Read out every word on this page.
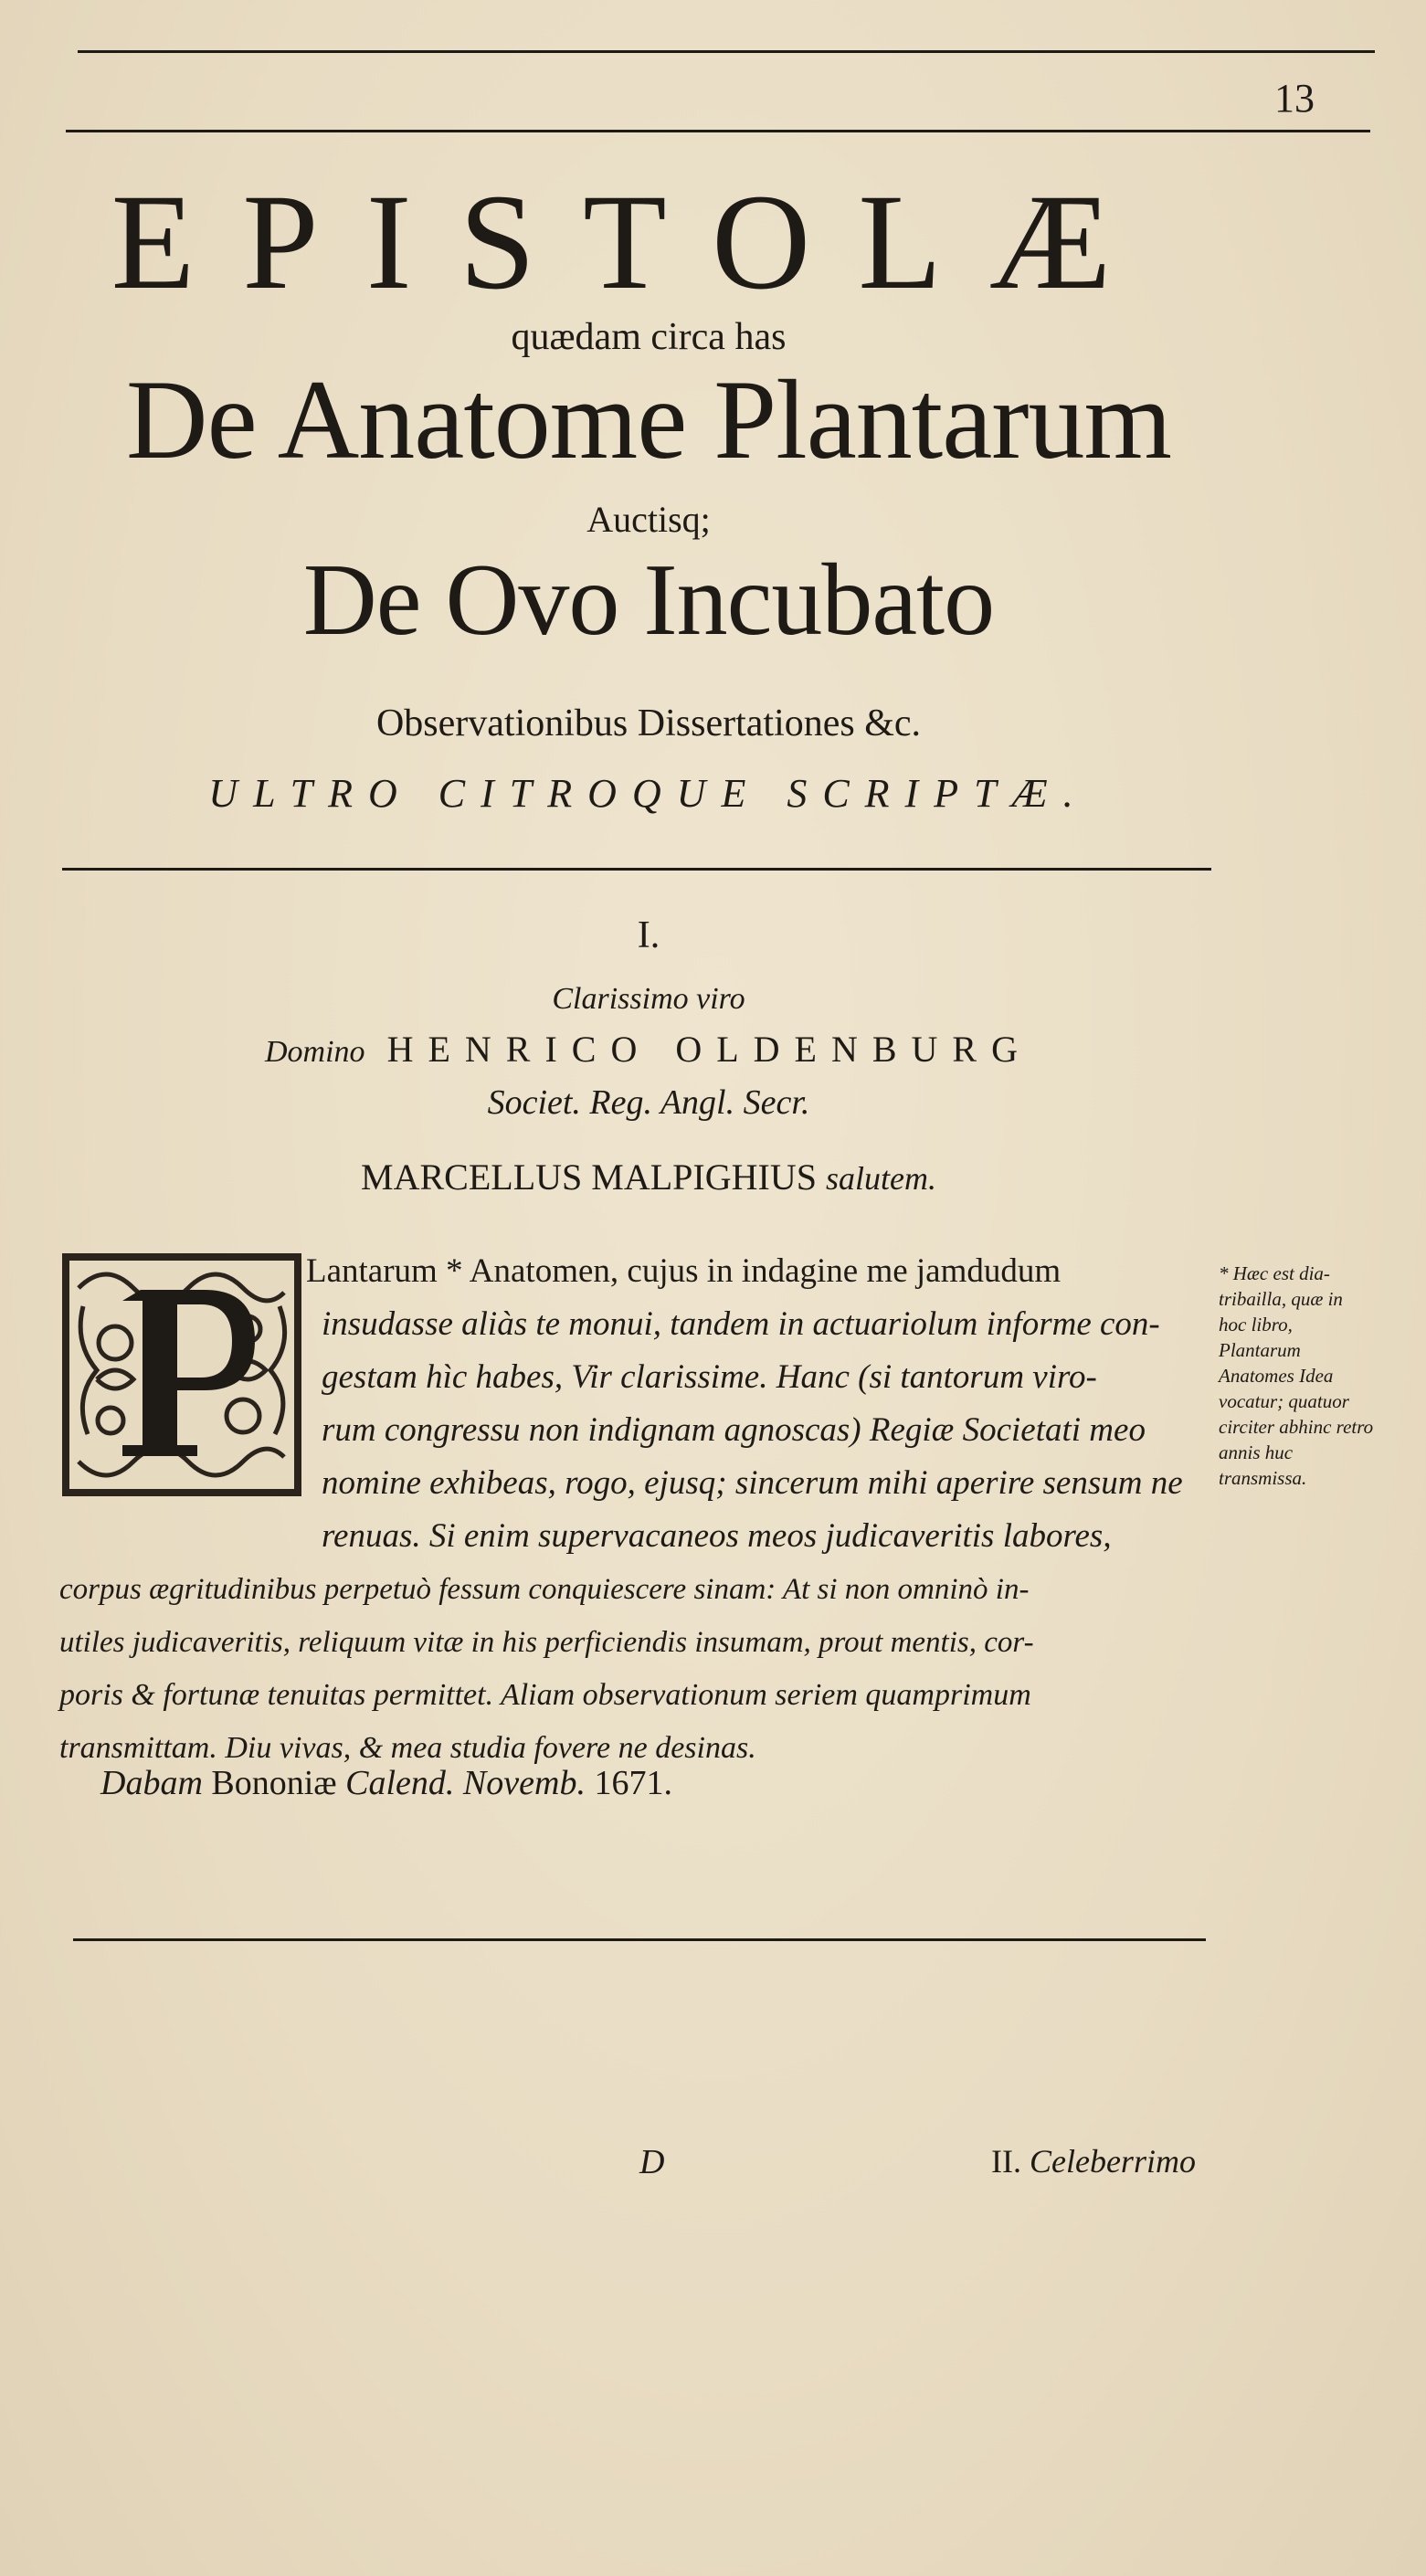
13
EPISTOLÆ
quædam circa has
De Anatome Plantarum
Auctisq;
De Ovo Incubato
Observationibus Dissertationes &c.
ULTRO CITROQUE SCRIPTÆ.
I.
Clarissimo viro
Domino HENRICO OLDENBURG
Societ. Reg. Angl. Secr.
MARCELLUS MALPIGHIUS salutem.
Lantarum * Anatomen, cujus in indagine me jamdudum
insudasse aliàs te monui, tandem in actuariolum informe con-
gestam hìc habes, Vir clarissime. Hanc (si tantorum viro-
rum congressu non indignam agnoscas) Regiæ Societati meo
nomine exhibeas, rogo, ejusq; sincerum mihi aperire sensum ne
renuas. Si enim supervacaneos meos judicaveritis labores,
corpus ægritudinibus perpetuò fessum conquiescere sinam: At si non omninò in-
utiles judicaveritis, reliquum vitæ in his perficiendis insumam, prout mentis, cor-
poris & fortunæ tenuitas permittet. Aliam observationum seriem quamprimum
transmittam. Diu vivas, & mea studia fovere ne desinas.
* Hæc est dia-tribailla, quæ in hoc libro, Plantarum Anatomes Idea vocatur; quatuor circiter abhinc retro annis huc transmissa.
Dabam Bononiæ Calend. Novemb. 1671.
D	II. Celeberrimo
